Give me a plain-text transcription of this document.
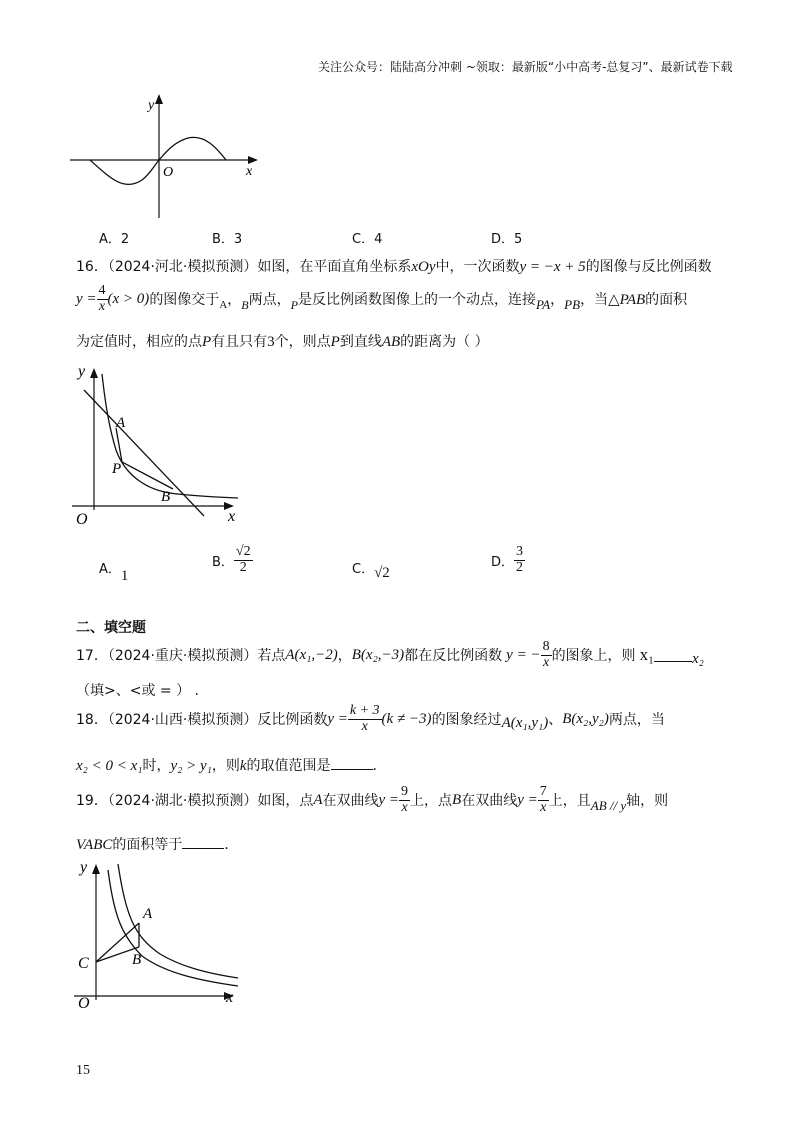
关注公众号：陆陆高分冲刺 ~领取：最新版“小中高考-总复习”、最新试卷下载
y
x
O
A．2	B．3	C．4	D．5
16．（2024·河北·模拟预测）如图，在平面直角坐标系xOy中，一次函数y = −x + 5的图像与反比例函数
$y = \frac{4}{x} (x > 0)$ 的图像交于 A ， B 两点， P 是反比例函数图像上的一个动点，连接 PA ， PB ，当 △PAB 的面积
为定值时，相应的点P有且只有3个，则点P到直线AB的距离为（ ）
y
x
O
A
P
B
A．1
B． $\frac{√2}{2}$	C．√2
D． $\frac{3}{2}$
二、填空题
17．（2024·重庆·模拟预测）若点 A(x₁,−2) ， B(x₂,−3) 都在反比例函数 y = − $\frac{8}{x}$ 的图象上，则 x₁	x₂
（填>、<或 = ） .
18．（2024·山西·模拟预测）反比例函数 $y = \frac{k + 3}{x} (k \ne -3)$ 的图象经过 A(x₁,y₁) 、 B(x₂,y₂) 两点，当
x₂ < 0 < x₁时，y₂ > y₁，则k的取值范围是	．
19．（2024·湖北·模拟预测）如图，点 A 在双曲线 $y = \frac{9}{x}$ 上，点 B 在双曲线 $y = \frac{7}{x}$ 上，且 AB // y 轴，则
VABC的面积等于	．
y
x
O
A
B
C
15
